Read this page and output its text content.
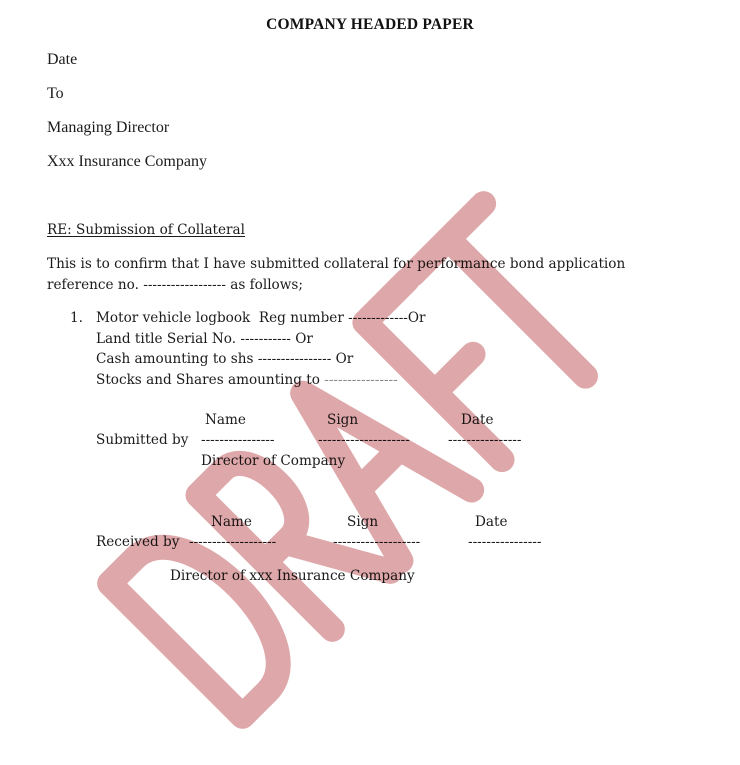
COMPANY HEADED PAPER
Date
To
Managing Director
Xxx Insurance Company
RE: Submission of Collateral
This is to confirm that I have submitted collateral for performance bond application
reference no. ------------------ as follows;
1. Motor vehicle logbook  Reg number -------------Or
Land title Serial No. ----------- Or
Cash amounting to shs ---------------- Or
Stocks and Shares amounting to ----------------
Name	Sign	Date
Submitted by ----------------	--------------------	----------------
Director of Company
Name	Sign	Date
Received by -------------------	-------------------	----------------
Director of xxx Insurance Company
